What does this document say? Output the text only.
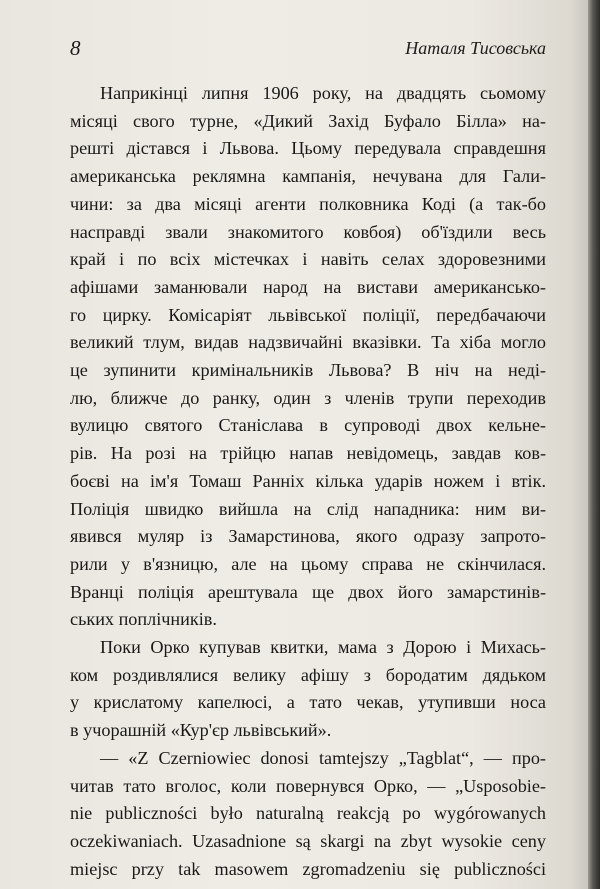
8	Наталя Тисовська

Наприкінці липня 1906 року, на двадцять сьомому
місяці свого турне, «Дикий Захід Буфало Білла» на-
решті дістався і Львова. Цьому передувала справдешня
американська реклямна кампанія, нечувана для Гали-
чини: за два місяці агенти полковника Коді (а так-бо
насправді звали знакомитого ковбоя) об'їздили весь
край і по всіх містечках і навіть селах здоровезними
афішами заманювали народ на вистави американсько-
го цирку. Комісаріят львівської поліції, передбачаючи
великий тлум, видав надзвичайні вказівки. Та хіба могло
це зупинити кримінальників Львова? В ніч на неді-
лю, ближче до ранку, один з членів трупи переходив
вулицю святого Станіслава в супроводі двох кельне-
рів. На розі на трійцю напав невідомець, завдав ков-
боєві на ім'я Томаш Ранніх кілька ударів ножем і втік.
Поліція швидко вийшла на слід нападника: ним ви-
явився муляр із Замарстинова, якого одразу запрото-
рили у в'язницю, але на цьому справа не скінчилася.
Вранці поліція арештувала ще двох його замарстинів-
ських поплічників.

Поки Орко купував квитки, мама з Дорою і Михась-
ком роздивлялися велику афішу з бородатим дядьком
у крислатому капелюсі, а тато чекав, утупивши носа
в учорашній «Кур'єр львівський».

— «Z Czerniowiec donosi tamtejszy „Tagblat“, — про-
читав тато вголос, коли повернувся Орко, — „Usposobie-
nie publiczności było naturalną reakcją po wygórowanych
oczekiwaniach. Uzasadnione są skargi na zbyt wysokie ceny
miejsc przy tak masowem zgromadzeniu się publiczności
